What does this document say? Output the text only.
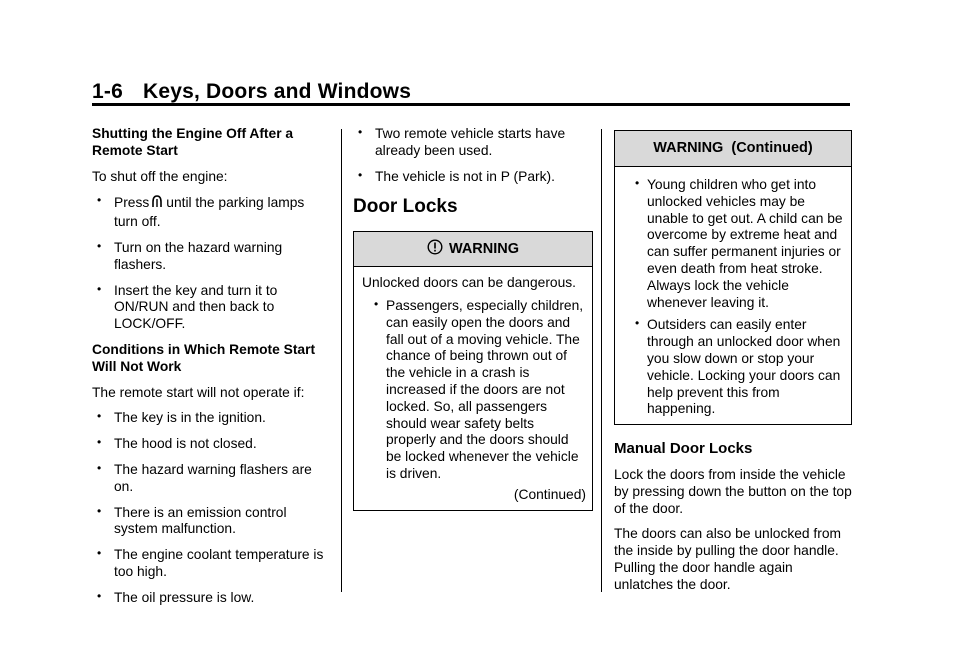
1-6 Keys, Doors and Windows

Shutting the Engine Off After a Remote Start

To shut off the engine:

• Press until the parking lamps turn off.
• Turn on the hazard warning flashers.
• Insert the key and turn it to ON/RUN and then back to LOCK/OFF.

Conditions in Which Remote Start Will Not Work

The remote start will not operate if:

• The key is in the ignition.
• The hood is not closed.
• The hazard warning flashers are on.
• There is an emission control system malfunction.
• The engine coolant temperature is too high.
• The oil pressure is low.
• Two remote vehicle starts have already been used.
• The vehicle is not in P (Park).
Door Locks
WARNING

Unlocked doors can be dangerous.

• Passengers, especially children, can easily open the doors and fall out of a moving vehicle. The chance of being thrown out of the vehicle in a crash is increased if the doors are not locked. So, all passengers should wear safety belts properly and the doors should be locked whenever the vehicle is driven.

(Continued)

WARNING  (Continued)
• Young children who get into unlocked vehicles may be unable to get out. A child can be overcome by extreme heat and can suffer permanent injuries or even death from heat stroke. Always lock the vehicle whenever leaving it.
• Outsiders can easily enter through an unlocked door when you slow down or stop your vehicle. Locking your doors can help prevent this from happening.
Manual Door Locks

Lock the doors from inside the vehicle by pressing down the button on the top of the door.

The doors can also be unlocked from the inside by pulling the door handle. Pulling the door handle again unlatches the door.
